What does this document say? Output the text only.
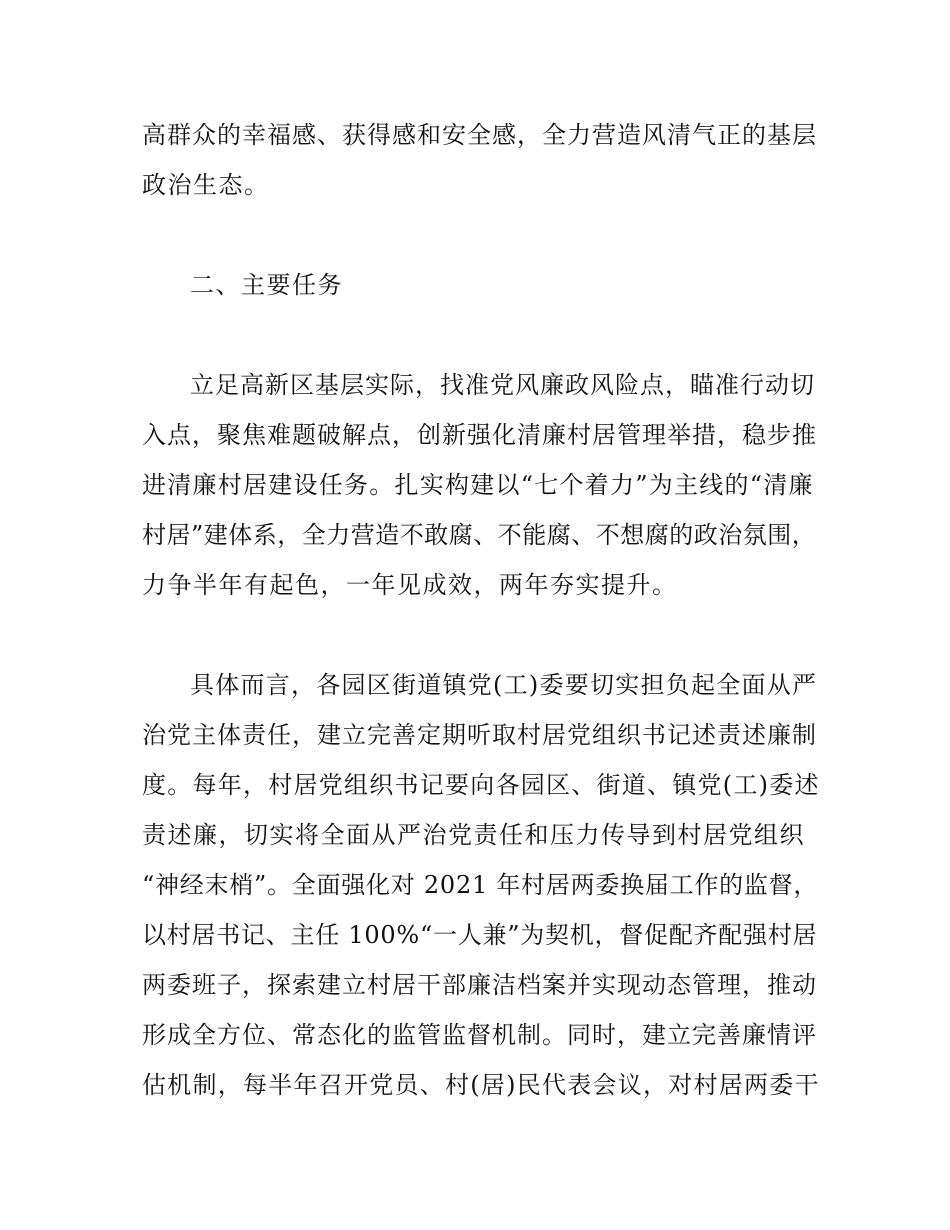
高群众的幸福感、获得感和安全感，全力营造风清气正的基层
政治生态。
二、主要任务
立足高新区基层实际，找准党风廉政风险点，瞄准行动切
入点，聚焦难题破解点，创新强化清廉村居管理举措，稳步推
进清廉村居建设任务。扎实构建以“七个着力”为主线的“清廉
村居”建体系，全力营造不敢腐、不能腐、不想腐的政治氛围，
力争半年有起色，一年见成效，两年夯实提升。
具体而言，各园区街道镇党(工)委要切实担负起全面从严
治党主体责任，建立完善定期听取村居党组织书记述责述廉制
度。每年，村居党组织书记要向各园区、街道、镇党(工)委述
责述廉，切实将全面从严治党责任和压力传导到村居党组织
“神经末梢”。全面强化对 2021 年村居两委换届工作的监督，
以村居书记、主任 100%“一人兼”为契机，督促配齐配强村居
两委班子，探索建立村居干部廉洁档案并实现动态管理，推动
形成全方位、常态化的监管监督机制。同时，建立完善廉情评
估机制，每半年召开党员、村(居)民代表会议，对村居两委干
